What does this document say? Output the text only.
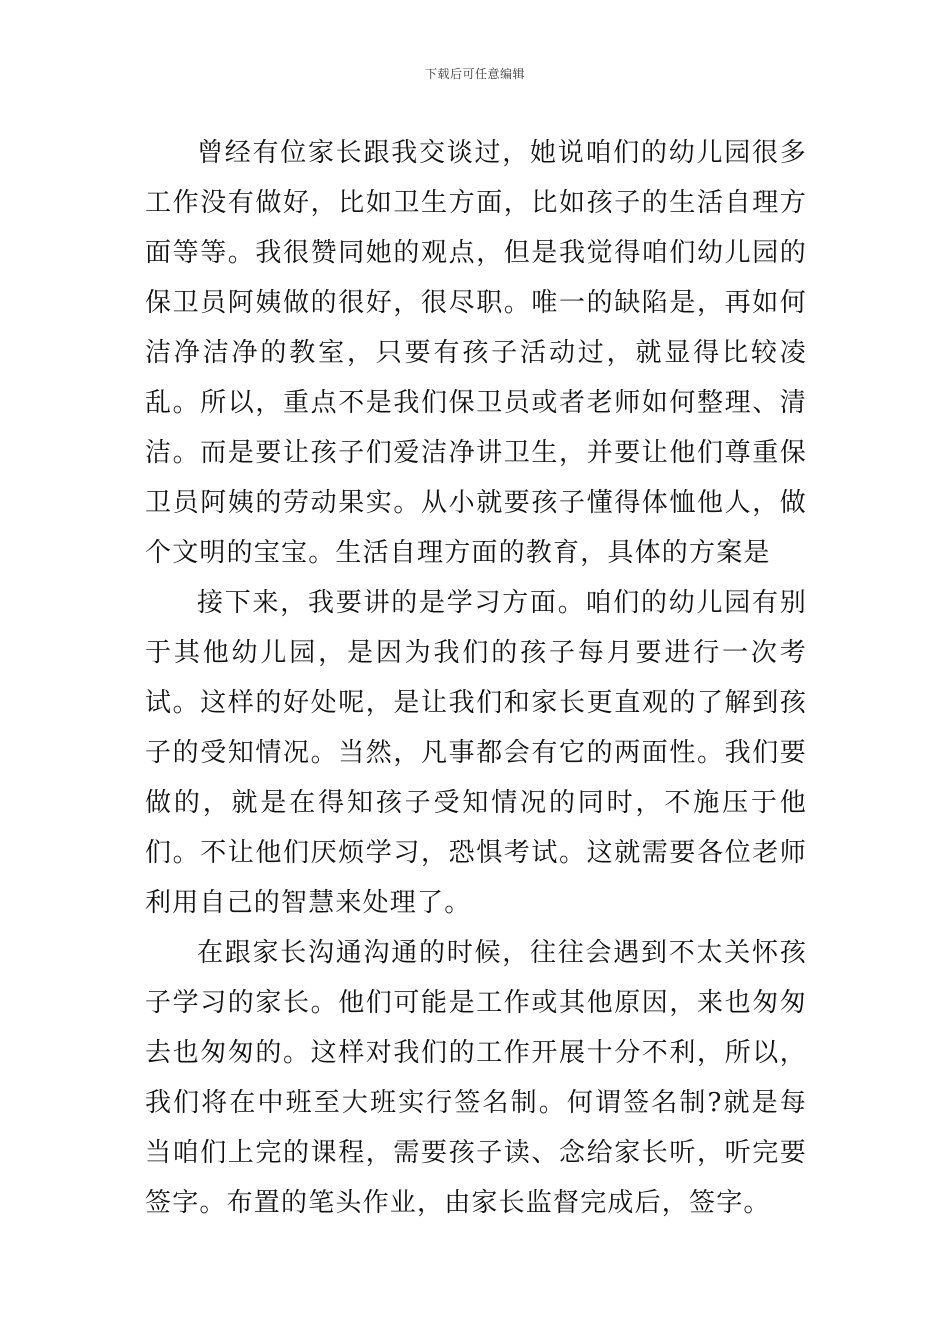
下载后可任意编辑

曾经有位家长跟我交谈过，她说咱们的幼儿园很多工作没有做好，比如卫生方面，比如孩子的生活自理方面等等。我很赞同她的观点，但是我觉得咱们幼儿园的保卫员阿姨做的很好，很尽职。唯一的缺陷是，再如何洁净洁净的教室，只要有孩子活动过，就显得比较凌乱。所以，重点不是我们保卫员或者老师如何整理、清洁。而是要让孩子们爱洁净讲卫生，并要让他们尊重保卫员阿姨的劳动果实。从小就要孩子懂得体恤他人，做个文明的宝宝。生活自理方面的教育，具体的方案是

接下来，我要讲的是学习方面。咱们的幼儿园有别于其他幼儿园，是因为我们的孩子每月要进行一次考试。这样的好处呢，是让我们和家长更直观的了解到孩子的受知情况。当然，凡事都会有它的两面性。我们要做的，就是在得知孩子受知情况的同时，不施压于他们。不让他们厌烦学习，恐惧考试。这就需要各位老师利用自己的智慧来处理了。

在跟家长沟通沟通的时候，往往会遇到不太关怀孩子学习的家长。他们可能是工作或其他原因，来也匆匆去也匆匆的。这样对我们的工作开展十分不利，所以，我们将在中班至大班实行签名制。何谓签名制?就是每当咱们上完的课程，需要孩子读、念给家长听，听完要签字。布置的笔头作业，由家长监督完成后，签字。
